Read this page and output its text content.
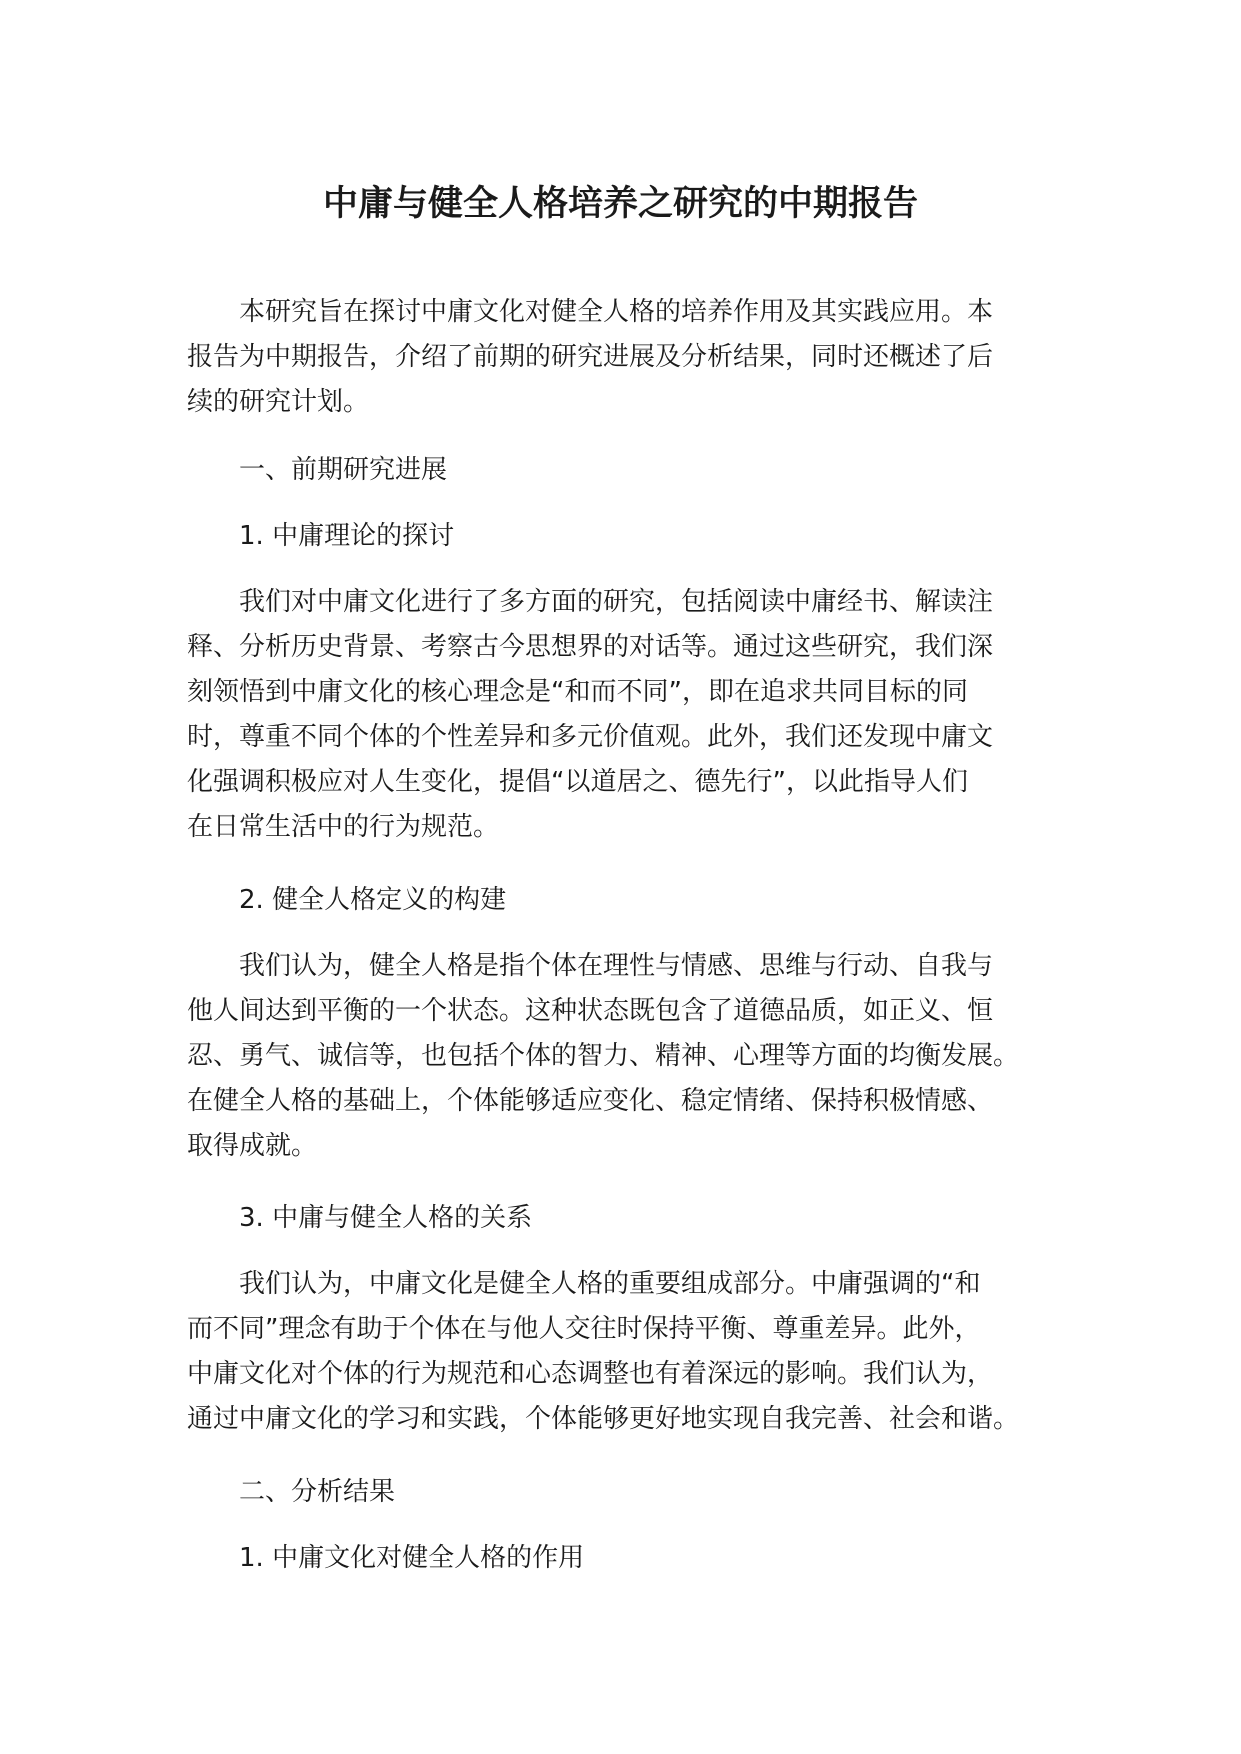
中庸与健全人格培养之研究的中期报告

本研究旨在探讨中庸文化对健全人格的培养作用及其实践应用。本
报告为中期报告，介绍了前期的研究进展及分析结果，同时还概述了后
续的研究计划。

一、前期研究进展
1. 中庸理论的探讨

我们对中庸文化进行了多方面的研究，包括阅读中庸经书、解读注
释、分析历史背景、考察古今思想界的对话等。通过这些研究，我们深
刻领悟到中庸文化的核心理念是“和而不同”，即在追求共同目标的同
时，尊重不同个体的个性差异和多元价值观。此外，我们还发现中庸文
化强调积极应对人生变化，提倡“以道居之、德先行”，以此指导人们
在日常生活中的行为规范。

2. 健全人格定义的构建

我们认为，健全人格是指个体在理性与情感、思维与行动、自我与
他人间达到平衡的一个状态。这种状态既包含了道德品质，如正义、恒
忍、勇气、诚信等，也包括个体的智力、精神、心理等方面的均衡发展。
在健全人格的基础上，个体能够适应变化、稳定情绪、保持积极情感、
取得成就。

3. 中庸与健全人格的关系

我们认为，中庸文化是健全人格的重要组成部分。中庸强调的“和
而不同”理念有助于个体在与他人交往时保持平衡、尊重差异。此外，
中庸文化对个体的行为规范和心态调整也有着深远的影响。我们认为，
通过中庸文化的学习和实践，个体能够更好地实现自我完善、社会和谐。

二、分析结果
1. 中庸文化对健全人格的作用
